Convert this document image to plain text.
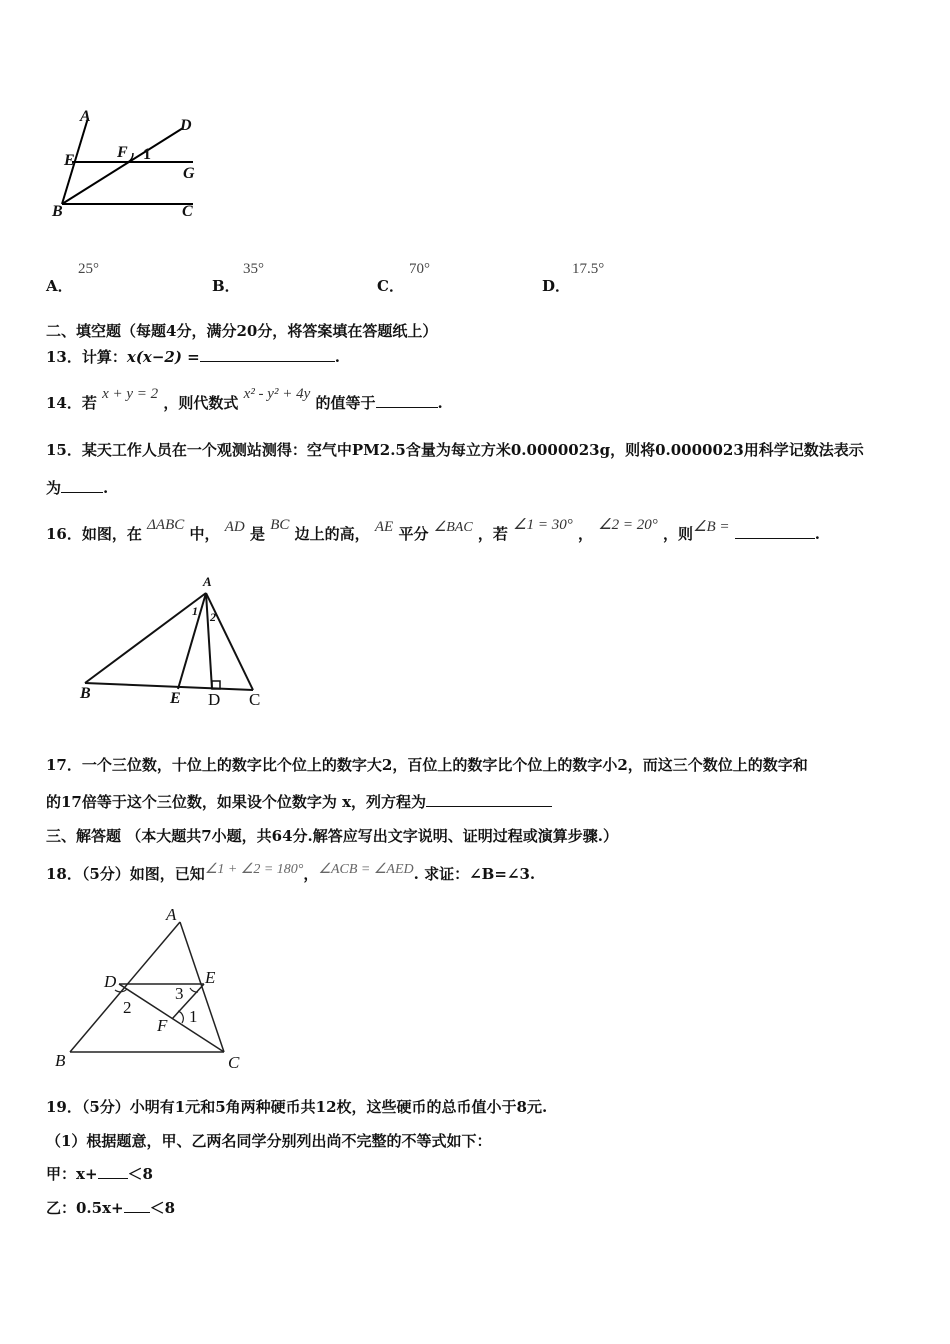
A
D
E	F 1
G
B	C
A．
25°
B．
35°
C．
70°
D．
17.5°
二、填空题（每题4分，满分20分，将答案填在答题纸上）
13．计算：x(x−2) =	.
14．若 x + y = 2 ，则代数式 x² - y² + 4y 的值等于	.
15．某天工作人员在一个观测站测得：空气中PM2.5含量为每立方米0.0000023g，则将0.0000023用科学记数法表示
为	.
16．如图，在 ΔABC 中， AD 是 BC 边上的高， AE 平分 ∠BAC ，若 ∠1 = 30° ， ∠2 = 20° ，则∠B =	.
A
1 2
B	E D C
17．一个三位数，十位上的数字比个位上的数字大2，百位上的数字比个位上的数字小2，而这三个数位上的数字和
的17倍等于这个三位数，如果设个位数字为 x，列方程为
三、解答题 （本大题共7小题，共64分.解答应写出文字说明、证明过程或演算步骤.）
18．（5分）如图，已知∠1 + ∠2 = 180°，∠ACB = ∠AED. 求证：∠B=∠3.
A
D	E
3
2	1
F
B	C
19．（5分）小明有1元和5角两种硬币共12枚，这些硬币的总币值小于8元.
（1）根据题意，甲、乙两名同学分别列出尚不完整的不等式如下：
甲：x+ ＜8
乙：0.5x+ ＜8
